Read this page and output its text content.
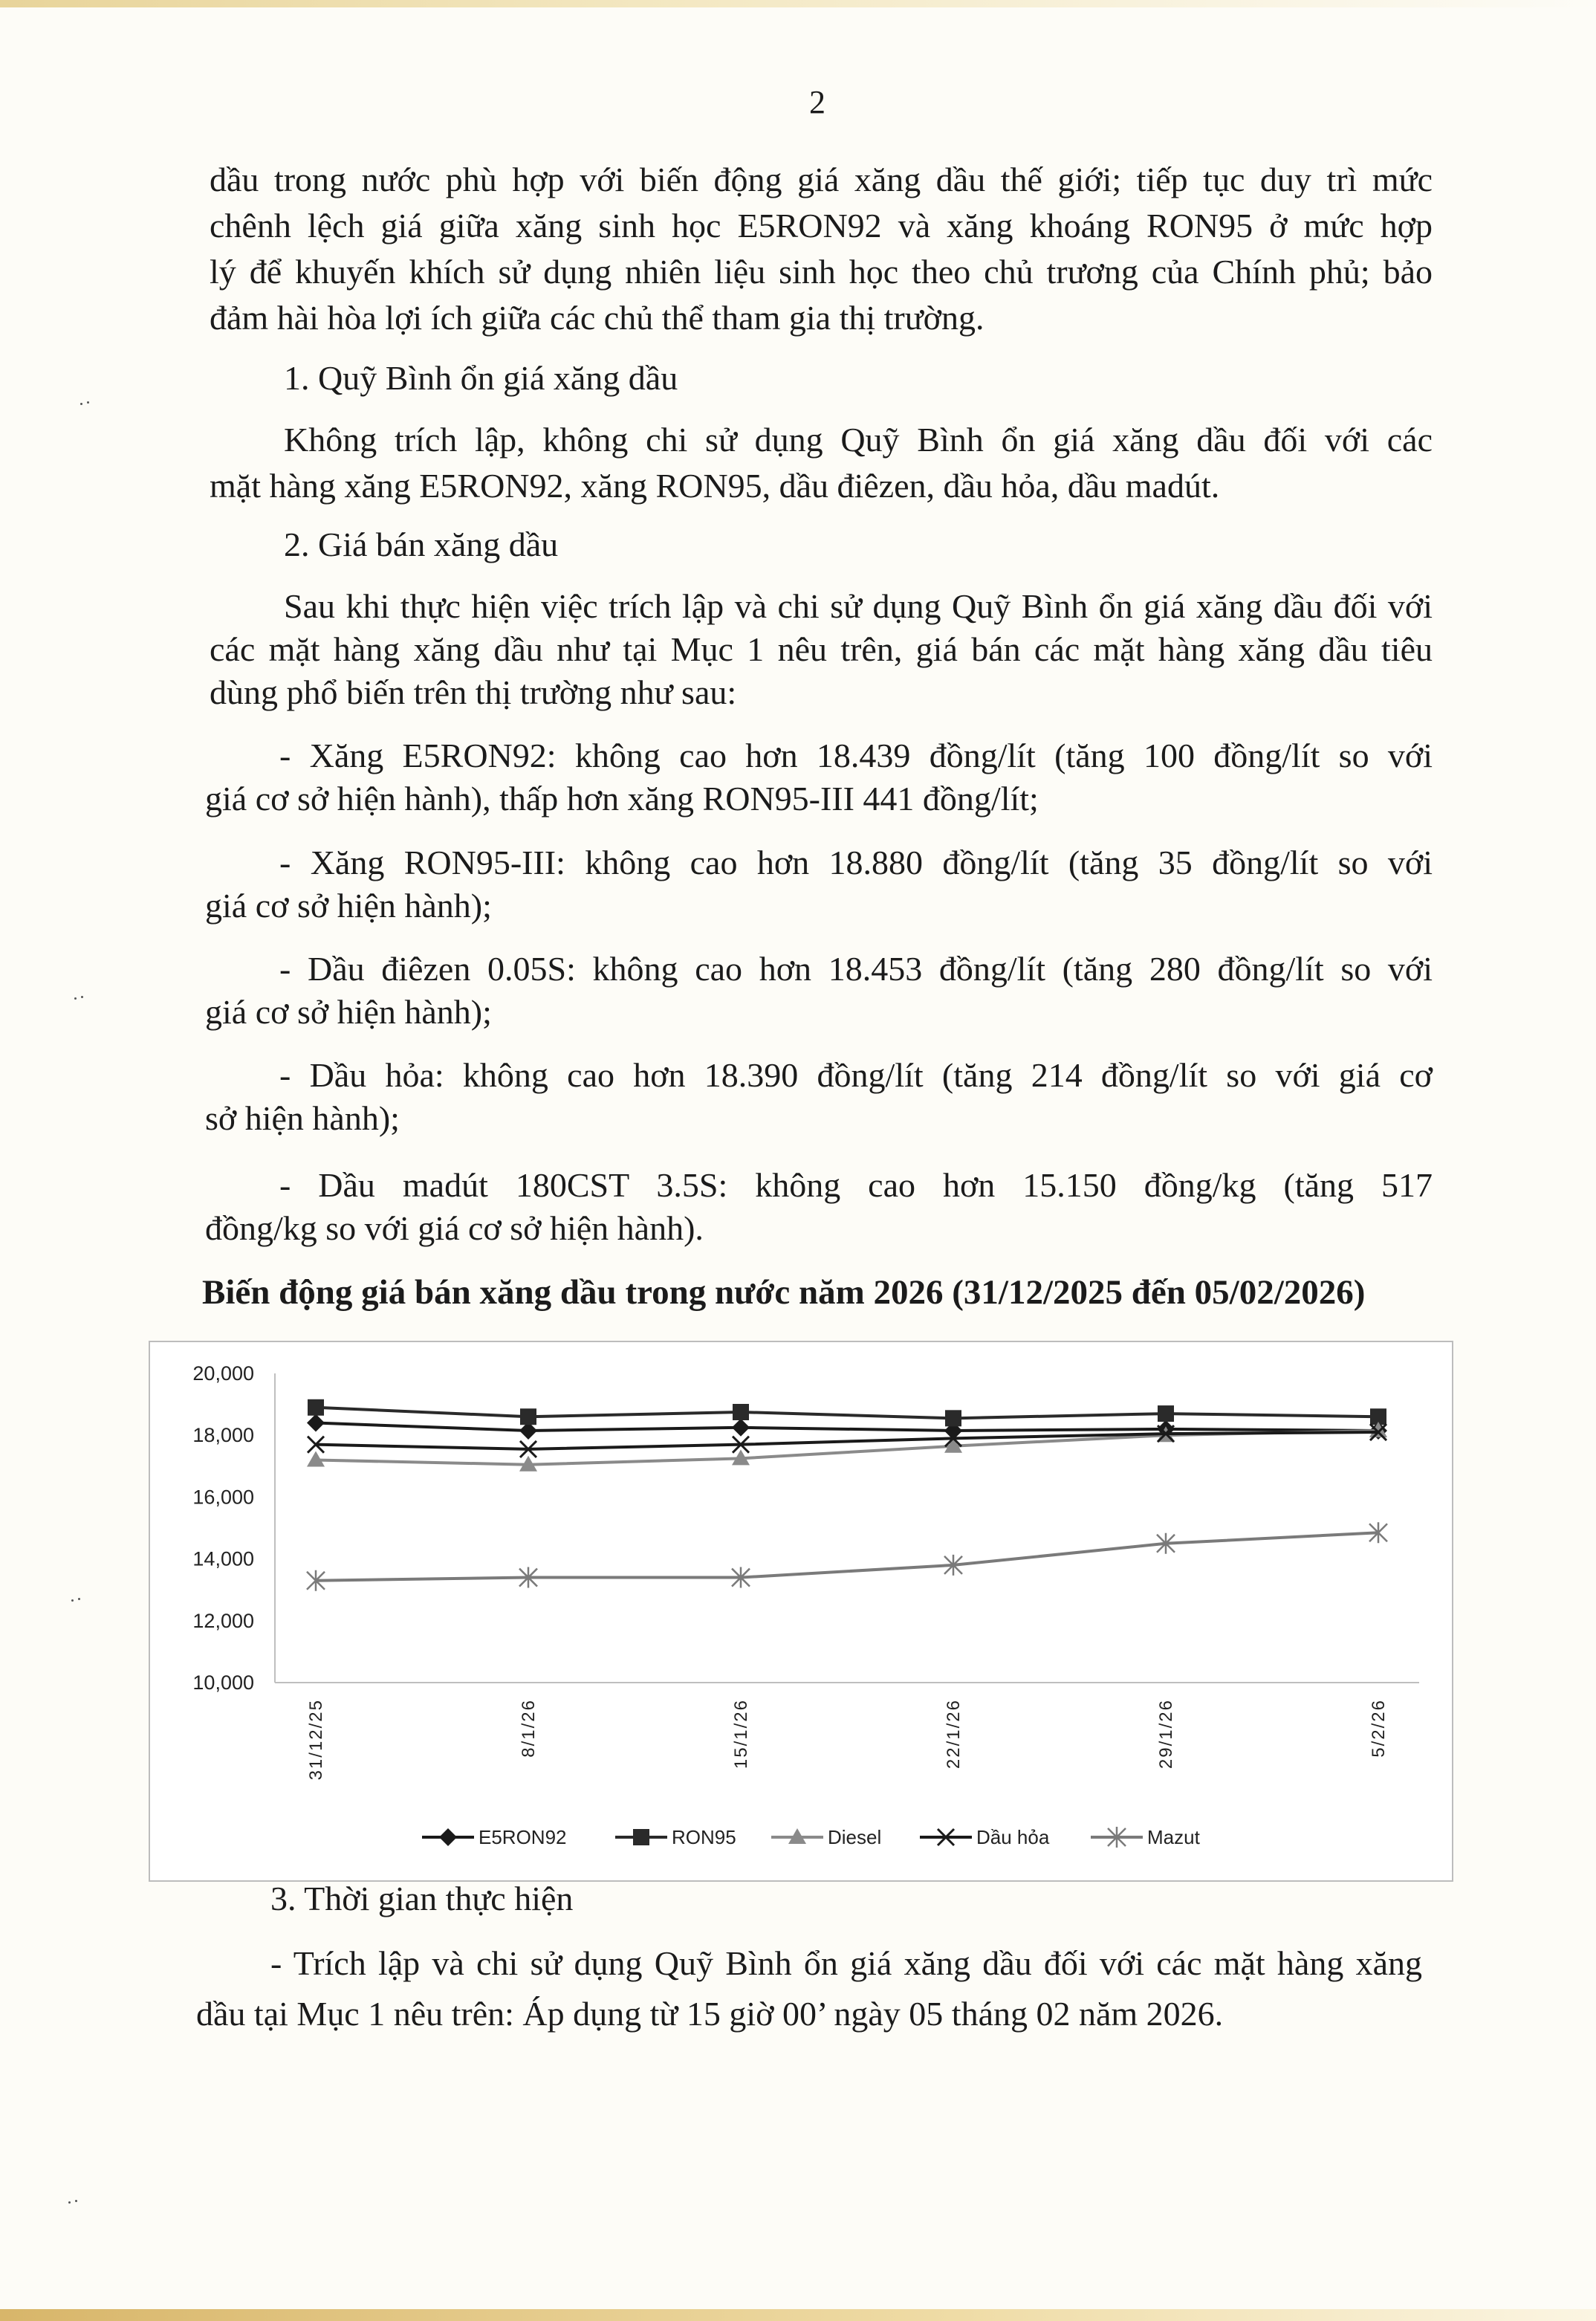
2

dầu trong nước phù hợp với biến động giá xăng dầu thế giới; tiếp tục duy trì mức

chênh lệch giá giữa xăng sinh học E5RON92 và xăng khoáng RON95 ở mức hợp

lý để khuyến khích sử dụng nhiên liệu sinh học theo chủ trương của Chính phủ; bảo

đảm hài hòa lợi ích giữa các chủ thể tham gia thị trường.

1. Quỹ Bình ổn giá xăng dầu

Không trích lập, không chi sử dụng Quỹ Bình ổn giá xăng dầu đối với các

mặt hàng xăng E5RON92, xăng RON95, dầu điêzen, dầu hỏa, dầu madút.

2. Giá bán xăng dầu

Sau khi thực hiện việc trích lập và chi sử dụng Quỹ Bình ổn giá xăng dầu đối với

các mặt hàng xăng dầu như tại Mục 1 nêu trên, giá bán các mặt hàng xăng dầu tiêu

dùng phổ biến trên thị trường như sau:

- Xăng E5RON92: không cao hơn 18.439 đồng/lít (tăng 100 đồng/lít so với

giá cơ sở hiện hành), thấp hơn xăng RON95-III 441 đồng/lít;

- Xăng RON95-III: không cao hơn 18.880 đồng/lít (tăng 35 đồng/lít so với

giá cơ sở hiện hành);

- Dầu điêzen 0.05S: không cao hơn 18.453 đồng/lít (tăng 280 đồng/lít so với

giá cơ sở hiện hành);

- Dầu hỏa: không cao hơn 18.390 đồng/lít (tăng 214 đồng/lít so với giá cơ

sở hiện hành);

- Dầu madút 180CST 3.5S: không cao hơn 15.150 đồng/kg (tăng 517

đồng/kg so với giá cơ sở hiện hành).

Biến động giá bán xăng dầu trong nước năm 2026 (31/12/2025 đến 05/02/2026)
10,000
12,000
14,000
16,000
18,000
20,000
31/12/25	8/1/26	15/1/26	22/1/26	29/1/26	5/2/26
E5RON92	RON95	Diesel	Dầu hỏa	Mazut
3. Thời gian thực hiện

- Trích lập và chi sử dụng Quỹ Bình ổn giá xăng dầu đối với các mặt hàng xăng

dầu tại Mục 1 nêu trên: Áp dụng từ 15 giờ 00’ ngày 05 tháng 02 năm 2026.
